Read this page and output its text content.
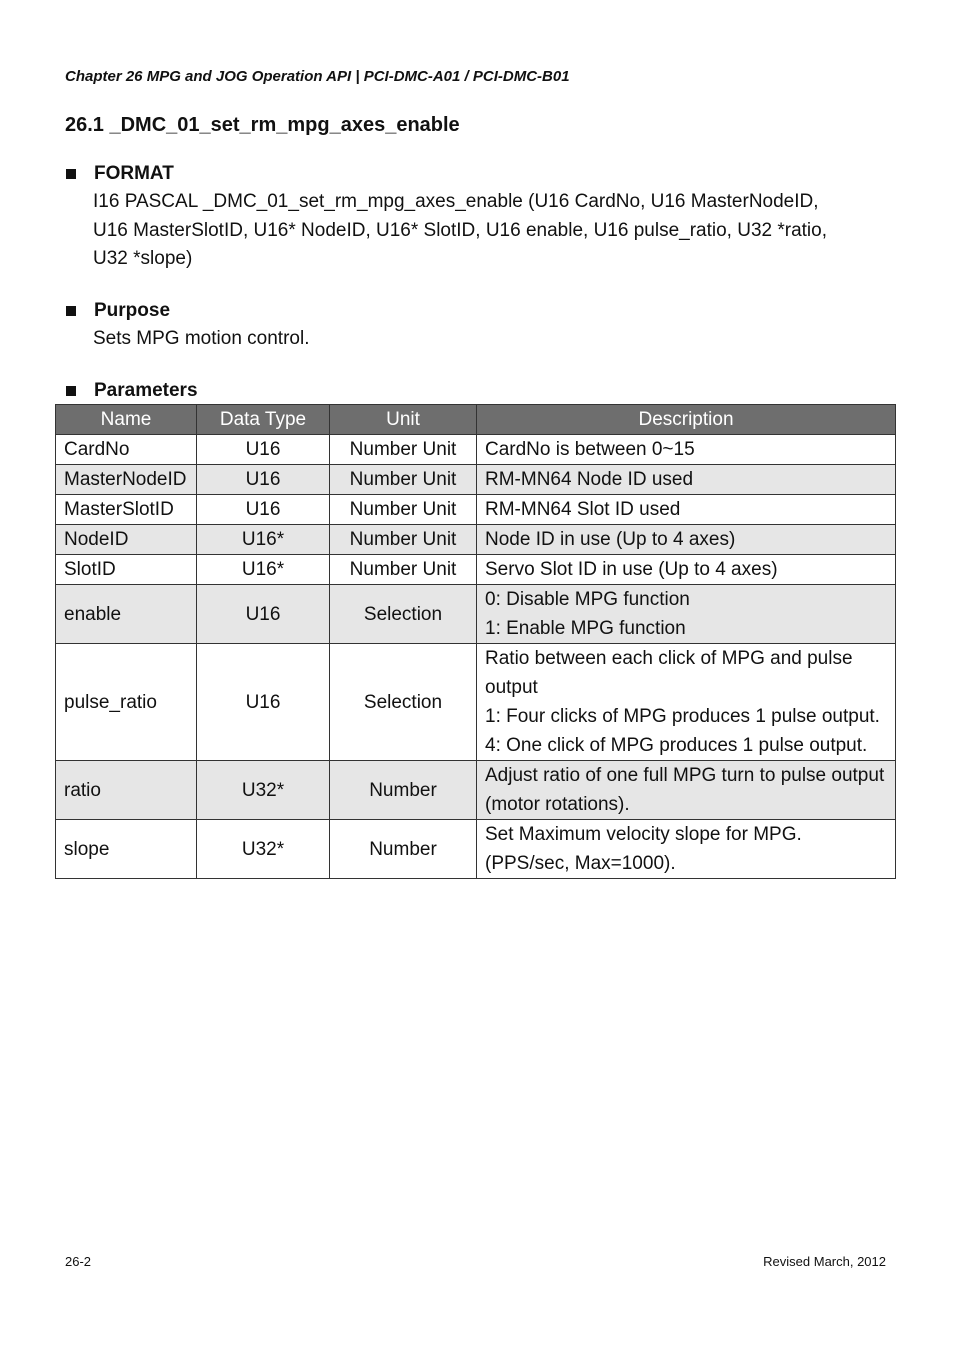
Chapter 26 MPG and JOG Operation API | PCI-DMC-A01 / PCI-DMC-B01
26.1 _DMC_01_set_rm_mpg_axes_enable
FORMAT
I16 PASCAL _DMC_01_set_rm_mpg_axes_enable (U16 CardNo, U16 MasterNodeID,
U16 MasterSlotID, U16* NodeID, U16* SlotID, U16 enable, U16 pulse_ratio, U32 *ratio,
U32 *slope)
Purpose
Sets MPG motion control.
Parameters
Name	Data Type	Unit	Description
CardNo	U16	Number Unit	CardNo is between 0~15

MasterNodeID	U16	Number Unit	RM-MN64 Node ID used

MasterSlotID	U16	Number Unit	RM-MN64 Slot ID used

NodeID	U16*	Number Unit	Node ID in use (Up to 4 axes)

SlotID	U16*	Number Unit	Servo Slot ID in use (Up to 4 axes)

enable	U16	Selection	0: Disable MPG function
1: Enable MPG function

pulse_ratio	U16	Selection	Ratio between each click of MPG and pulse
output
1: Four clicks of MPG produces 1 pulse output.
4: One click of MPG produces 1 pulse output.

ratio	U32*	Number	Adjust ratio of one full MPG turn to pulse output
(motor rotations).

slope	U32*	Number	Set Maximum velocity slope for MPG.
(PPS/sec, Max=1000).
26-2	Revised March, 2012
